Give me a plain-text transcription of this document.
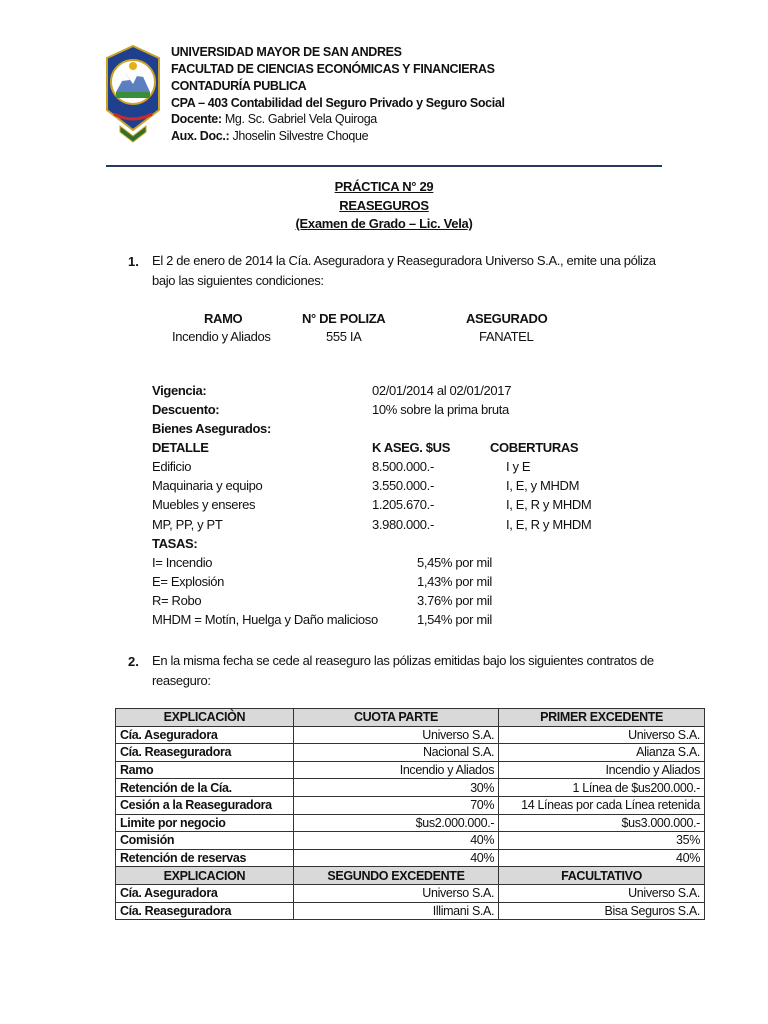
UNIVERSIDAD MAYOR DE SAN ANDRES
FACULTAD DE CIENCIAS ECONÓMICAS Y FINANCIERAS
CONTADURÍA PUBLICA
CPA – 403 Contabilidad del Seguro Privado y Seguro Social
Docente: Mg. Sc. Gabriel Vela Quiroga
Aux. Doc.: Jhoselin Silvestre Choque
PRÁCTICA N° 29
REASEGUROS
(Examen de Grado – Lic. Vela)
1. El 2 de enero de 2014 la Cía. Aseguradora y Reaseguradora Universo S.A., emite una póliza
bajo las siguientes condiciones:
RAMO	N° DE POLIZA	ASEGURADO
Incendio y Aliados	555 IA	FANATEL
Vigencia:	02/01/2014 al 02/01/2017
Descuento:	10% sobre la prima bruta
Bienes Asegurados:
DETALLE	K ASEG. $US	COBERTURAS
Edificio	8.500.000.-	I y E
Maquinaria y equipo	3.550.000.-	I, E, y MHDM
Muebles y enseres	1.205.670.-	I, E, R y MHDM
MP, PP, y PT	3.980.000.-	I, E, R y MHDM
TASAS:
I= Incendio	5,45% por mil
E= Explosión	1,43% por mil
R= Robo	3.76% por mil
MHDM = Motín, Huelga y Daño malicioso	1,54% por mil
2. En la misma fecha se cede al reaseguro las pólizas emitidas bajo los siguientes contratos de
reaseguro:
EXPLICACIÒN	CUOTA PARTE	PRIMER EXCEDENTE
Cía. Aseguradora	Universo S.A.	Universo S.A.
Cía. Reaseguradora	Nacional S.A.	Alianza S.A.
Ramo	Incendio y Aliados	Incendio y Aliados
Retención de la Cía.	30%	1 Línea de $us200.000.-
Cesión a la Reaseguradora	70%	14 Líneas por cada Línea retenida
Limite por negocio	$us2.000.000.-	$us3.000.000.-
Comisión	40%	35%
Retención de reservas	40%	40%
EXPLICACION	SEGUNDO EXCEDENTE	FACULTATIVO
Cía. Aseguradora	Universo S.A.	Universo S.A.
Cía. Reaseguradora	Illimani S.A.	Bisa Seguros S.A.
